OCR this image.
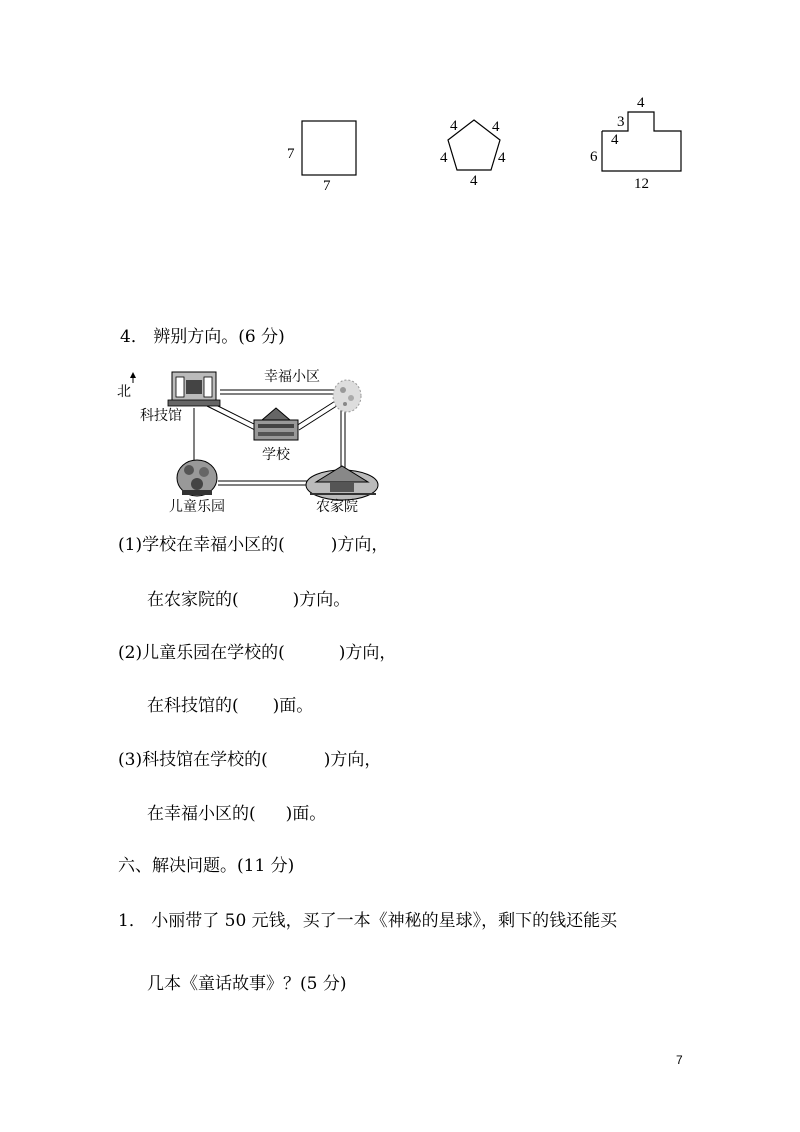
7
7
4 4
4	4
4
4
3
4
6
12
4． 辨别方向。(6 分)
北
科技馆
幸福小区
学校
儿童乐园	农家院
(1)学校在幸福小区的(	)方向，
在农家院的(	)方向。
(2)儿童乐园在学校的(	)方向，
在科技馆的( )面。
(3)科技馆在学校的(	)方向，
在幸福小区的( )面。
六、解决问题。(11 分)
1． 小丽带了 50 元钱，买了一本《神秘的星球》，剩下的钱还能买
几本《童话故事》？(5 分)
7
